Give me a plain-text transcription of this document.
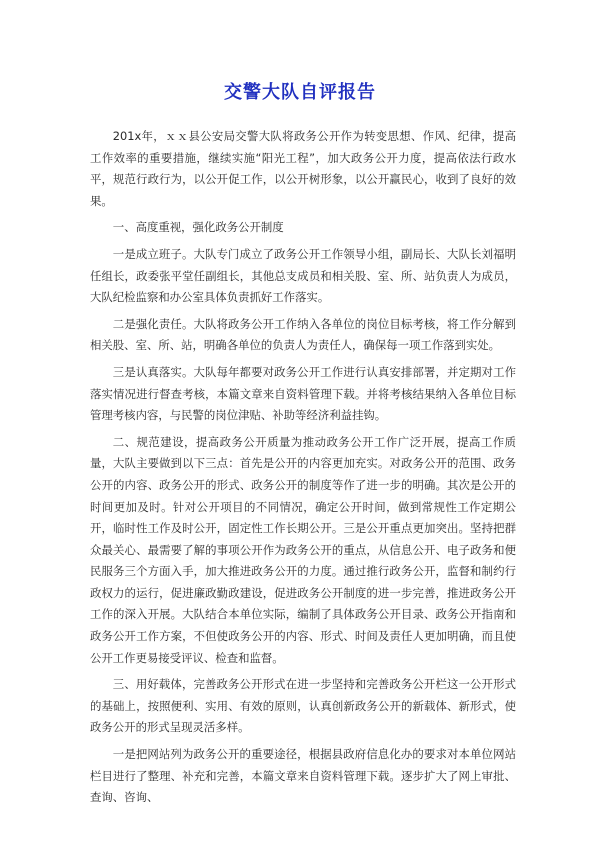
交警大队自评报告

201x年，ｘｘ县公安局交警大队将政务公开作为转变思想、作风、纪律，提高工作效率的重要措施，继续实施“阳光工程”，加大政务公开力度，提高依法行政水平，规范行政行为，以公开促工作，以公开树形象，以公开赢民心，收到了良好的效果。

一、高度重视，强化政务公开制度

一是成立班子。大队专门成立了政务公开工作领导小组，副局长、大队长刘福明任组长，政委张平堂任副组长，其他总支成员和相关股、室、所、站负责人为成员，大队纪检监察和办公室具体负责抓好工作落实。

二是强化责任。大队将政务公开工作纳入各单位的岗位目标考核，将工作分解到相关股、室、所、站，明确各单位的负责人为责任人，确保每一项工作落到实处。

三是认真落实。大队每年都要对政务公开工作进行认真安排部署，并定期对工作落实情况进行督查考核，本篇文章来自资料管理下载。并将考核结果纳入各单位目标管理考核内容，与民警的岗位津贴、补助等经济利益挂钩。

二、规范建设，提高政务公开质量为推动政务公开工作广泛开展，提高工作质量，大队主要做到以下三点：首先是公开的内容更加充实。对政务公开的范围、政务公开的内容、政务公开的形式、政务公开的制度等作了进一步的明确。其次是公开的时间更加及时。针对公开项目的不同情况，确定公开时间，做到常规性工作定期公开，临时性工作及时公开，固定性工作长期公开。三是公开重点更加突出。坚持把群众最关心、最需要了解的事项公开作为政务公开的重点，从信息公开、电子政务和便民服务三个方面入手，加大推进政务公开的力度。通过推行政务公开，监督和制约行政权力的运行，促进廉政勤政建设，促进政务公开制度的进一步完善，推进政务公开工作的深入开展。大队结合本单位实际，编制了具体政务公开目录、政务公开指南和政务公开工作方案，不但使政务公开的内容、形式、时间及责任人更加明确，而且使公开工作更易接受评议、检查和监督。

三、用好载体，完善政务公开形式在进一步坚持和完善政务公开栏这一公开形式的基础上，按照便利、实用、有效的原则，认真创新政务公开的新载体、新形式，使政务公开的形式呈现灵活多样。

一是把网站列为政务公开的重要途径，根据县政府信息化办的要求对本单位网站栏目进行了整理、补充和完善，本篇文章来自资料管理下载。逐步扩大了网上审批、查询、咨询、
